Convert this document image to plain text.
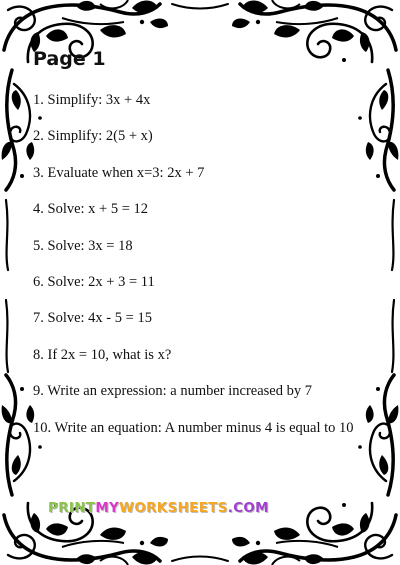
Page 1
1. Simplify: 3x + 4x
2. Simplify: 2(5 + x)
3. Evaluate when x=3: 2x + 7
4. Solve: x + 5 = 12
5. Solve: 3x = 18
6. Solve: 2x + 3 = 11
7. Solve: 4x - 5 = 15
8. If 2x = 10, what is x?
9. Write an expression: a number increased by 7
10. Write an equation: A number minus 4 is equal to 10
PRINTMYWORKSHEETS.COM
